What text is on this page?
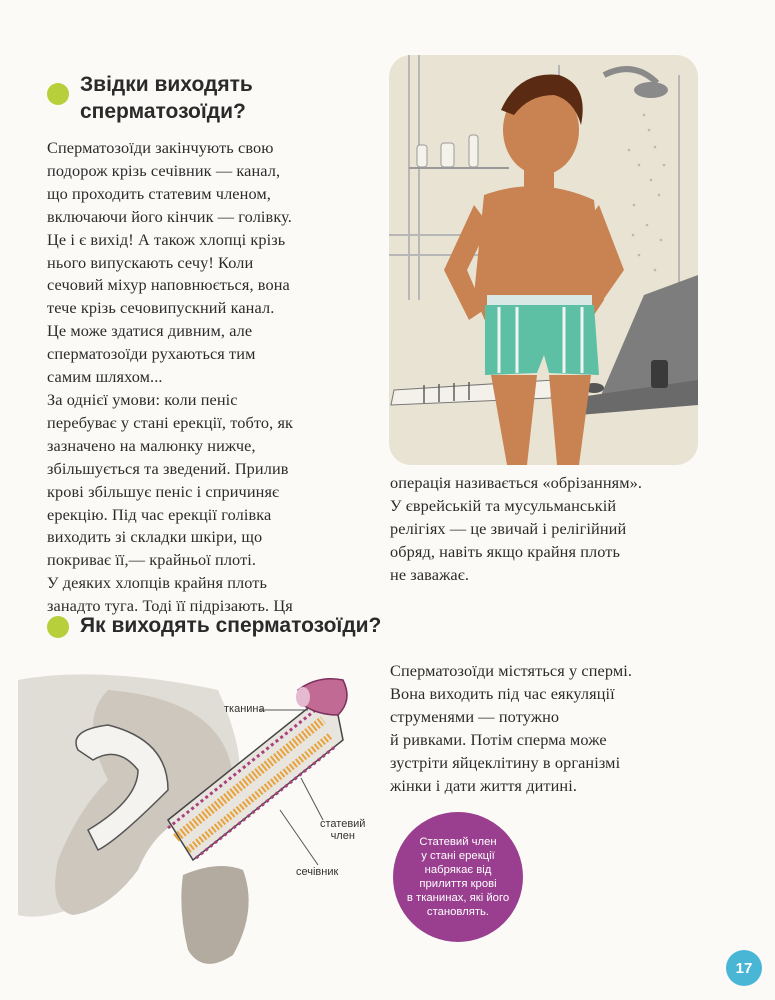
Звідки виходять
сперматозоїди?
Сперматозоїди закінчують свою
подорож крізь сечівник — канал,
що проходить статевим членом,
включаючи його кінчик — голівку.
Це і є вихід! А також хлопці крізь
нього випускають сечу! Коли
сечовий міхур наповнюється, вона
тече крізь сечовипускний канал.
Це може здатися дивним, але
сперматозоїди рухаються тим
самим шляхом...
За однієї умови: коли пеніс
перебуває у стані ерекції, тобто, як
зазначено на малюнку нижче,
збільшується та зведений. Прилив
крові збільшує пеніс і спричиняє
ерекцію. Під час ерекції голівка
виходить зі складки шкіри, що
покриває її,— крайньої плоті.
У деяких хлопців крайня плоть
занадто туга. Тоді її підрізають. Ця
операція називається «обрізанням».
У єврейській та мусульманській
релігіях — це звичай і релігійний
обряд, навіть якщо крайня плоть
не заважає.
Як виходять сперматозоїди?
тканина
статевий
член
сечівник
Сперматозоїди містяться у спермі.
Вона виходить під час еякуляції
струменями — потужно
й ривками. Потім сперма може
зустріти яйцеклітину в організмі
жінки і дати життя дитині.
Статевий член
у стані ерекції
набрякає від
прилиття крові
в тканинах, які його
становлять.
17
